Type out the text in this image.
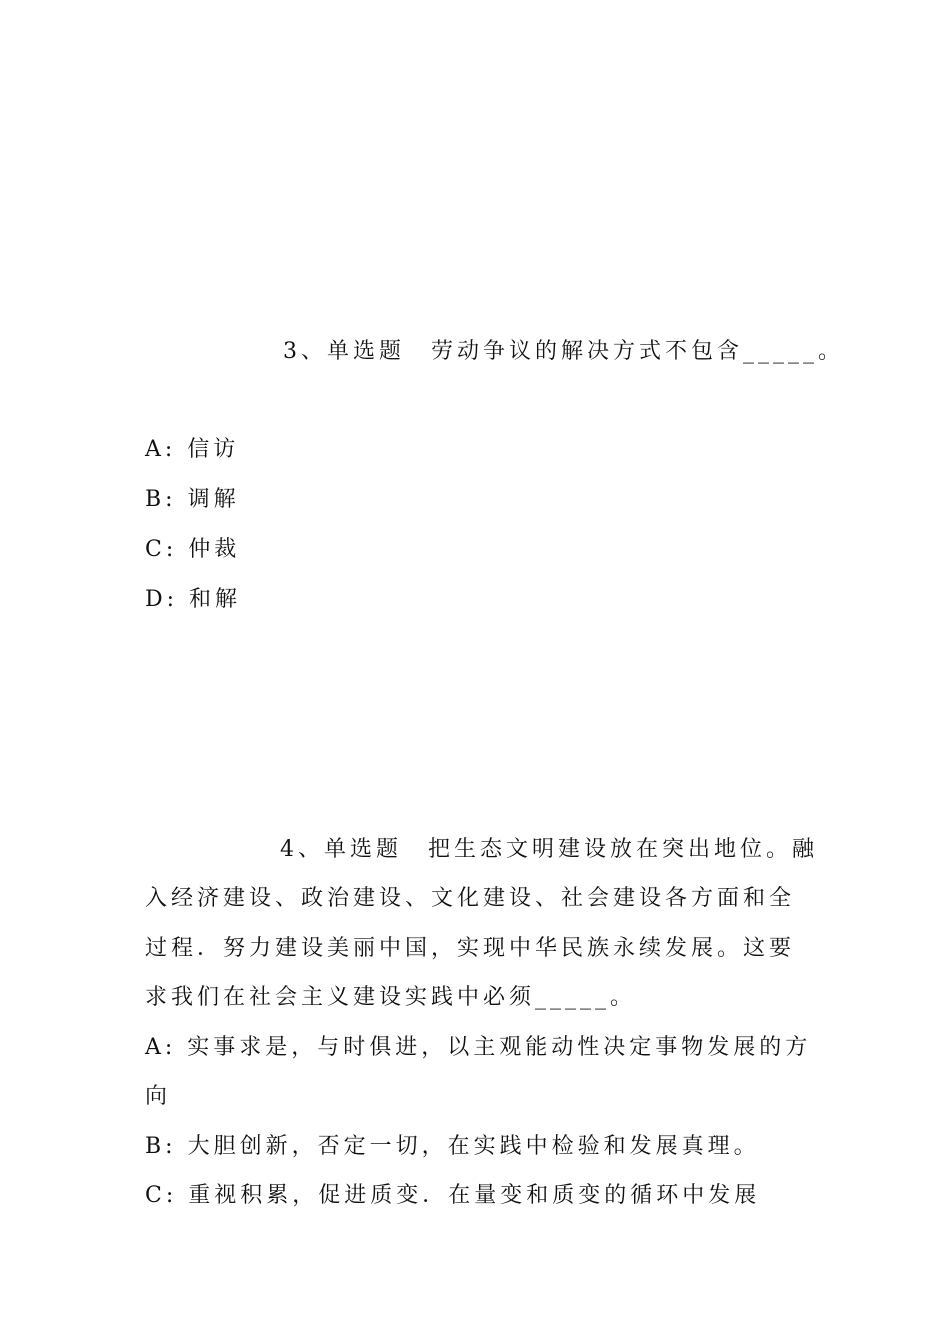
3、单选题　劳动争议的解决方式不包含_____。
A: 信访
B: 调解
C: 仲裁
D: 和解
4、单选题　把生态文明建设放在突出地位。融
入经济建设、政治建设、文化建设、社会建设各方面和全
过程．努力建设美丽中国，实现中华民族永续发展。这要
求我们在社会主义建设实践中必须_____。
A: 实事求是，与时俱进，以主观能动性决定事物发展的方
向
B: 大胆创新，否定一切，在实践中检验和发展真理。
C: 重视积累，促进质变．在量变和质变的循环中发展
